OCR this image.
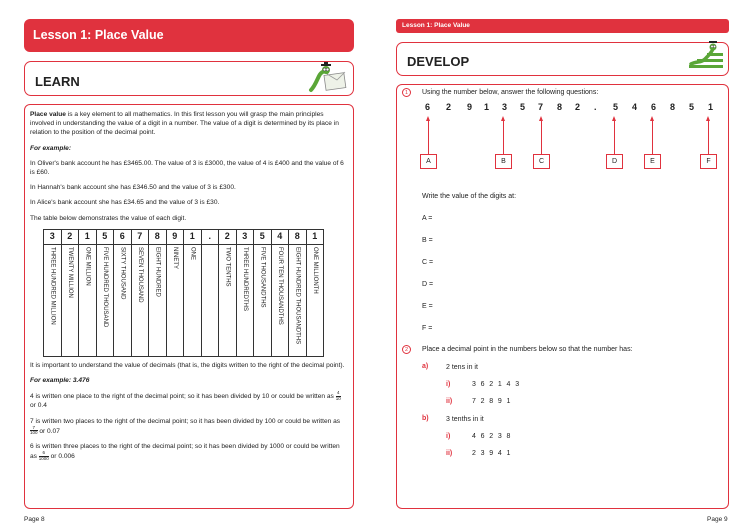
Lesson 1: Place Value
LEARN
Place value is a key element to all mathematics. In this first lesson you will grasp the main principles involved in understanding the value of a digit in a number. The value of a digit is determined by its place in relation to the position of the decimal point.
For example:
In Oliver's bank account he has £3465.00. The value of 3 is £3000, the value of 4 is £400 and the value of 6 is £60.
In Hannah's bank account she has £346.50 and the value of 3 is £300.
In Alice's bank account she has £34.65 and the value of 3 is £30.
The table below demonstrates the value of each digit.
3	2	1	5	6	7	8	9	1	.	2	3	5	4	8	1
THREE HUNDRED MILLION	TWENTY MILLION	ONE MILLION	FIVE HUNDRED THOUSAND	SIXTY THOUSAND	SEVEN THOUSAND	EIGHT HUNDRED	NINETY	ONE		TWO TENTHS	THREE HUNDREDTHS	FIVE THOUSANDTHS	FOUR TEN THOUSANDTHS	EIGHT HUNDRED THOUSANDTHS	ONE MILLIONTH
It is important to understand the value of decimals (that is, the digits written to the right of the decimal point).
For example: 3.476
4 is written one place to the right of the decimal point; so it has been divided by 10 or could be written as $\frac{4}{10}$ or 0.4
7 is written two places to the right of the decimal point; so it has been divided by 100 or could be written as
$\frac{7}{100}$ or 0.07
6 is written three places to the right of the decimal point; so it has been divided by 1000 or could be written as $\frac{6}{1000}$ or 0.006
Page 8
Lesson 1: Place Value
DEVELOP
1	Using the number below, answer the following questions:
6 2 9 1 3 5 7 8 2 . 5 4 6 8 5 1
A	B	C	D	E	F
Write the value of the digits at:
A =
B =
C =
D =
E =
F =
2	Place a decimal point in the numbers below so that the number has:
a)	2 tens in it
i)	3 6 2 1 4 3
ii)	7 2 8 9 1
b) 3 tenths in it
i)	4 6 2 3 8
ii)	2 3 9 4 1
Page 9
